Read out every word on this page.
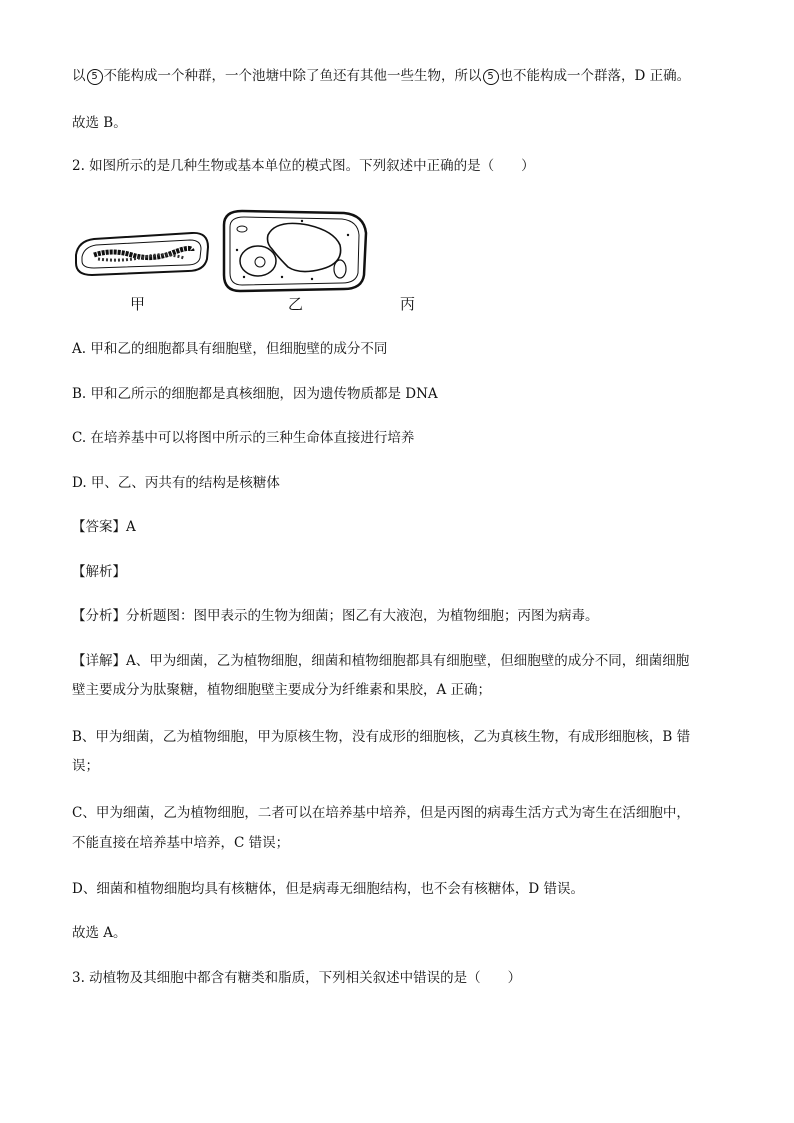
以 5 不能构成一个种群，一个池塘中除了鱼还有其他一些生物，所以 5 也不能构成一个群落，D 正确。
故选 B。
2. 如图所示的是几种生物或基本单位的模式图。下列叙述中正确的是（　　）
甲	乙	丙
A. 甲和乙的细胞都具有细胞壁，但细胞壁的成分不同
B. 甲和乙所示的细胞都是真核细胞，因为遗传物质都是 DNA
C. 在培养基中可以将图中所示的三种生命体直接进行培养
D. 甲、乙、丙共有的结构是核糖体
【答案】A
【解析】
【分析】分析题图：图甲表示的生物为细菌；图乙有大液泡，为植物细胞；丙图为病毒。
【详解】A、甲为细菌，乙为植物细胞，细菌和植物细胞都具有细胞壁，但细胞壁的成分不同，细菌细胞
壁主要成分为肽聚糖，植物细胞壁主要成分为纤维素和果胶，A 正确；
B、甲为细菌，乙为植物细胞，甲为原核生物，没有成形的细胞核，乙为真核生物，有成形细胞核，B 错
误；
C、甲为细菌，乙为植物细胞，二者可以在培养基中培养，但是丙图的病毒生活方式为寄生在活细胞中，
不能直接在培养基中培养，C 错误；
D、细菌和植物细胞均具有核糖体，但是病毒无细胞结构，也不会有核糖体，D 错误。
故选 A。
3. 动植物及其细胞中都含有糖类和脂质，下列相关叙述中错误的是（　　）
